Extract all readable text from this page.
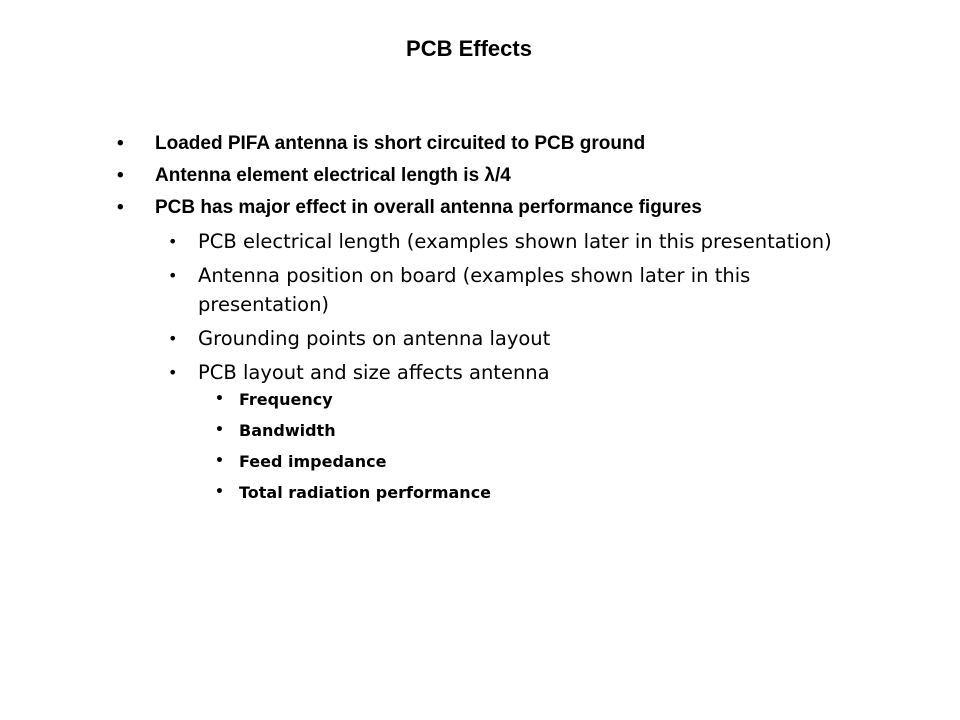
PCB Effects
• Loaded PIFA antenna is short circuited to PCB ground
• Antenna element electrical length is λ/4
• PCB has major effect in overall antenna performance figures
• PCB electrical length (examples shown later in this presentation)
• Antenna position on board (examples shown later in this presentation)
• Grounding points on antenna layout
• PCB layout and size affects antenna
• Frequency
• Bandwidth
• Feed impedance
• Total radiation performance
